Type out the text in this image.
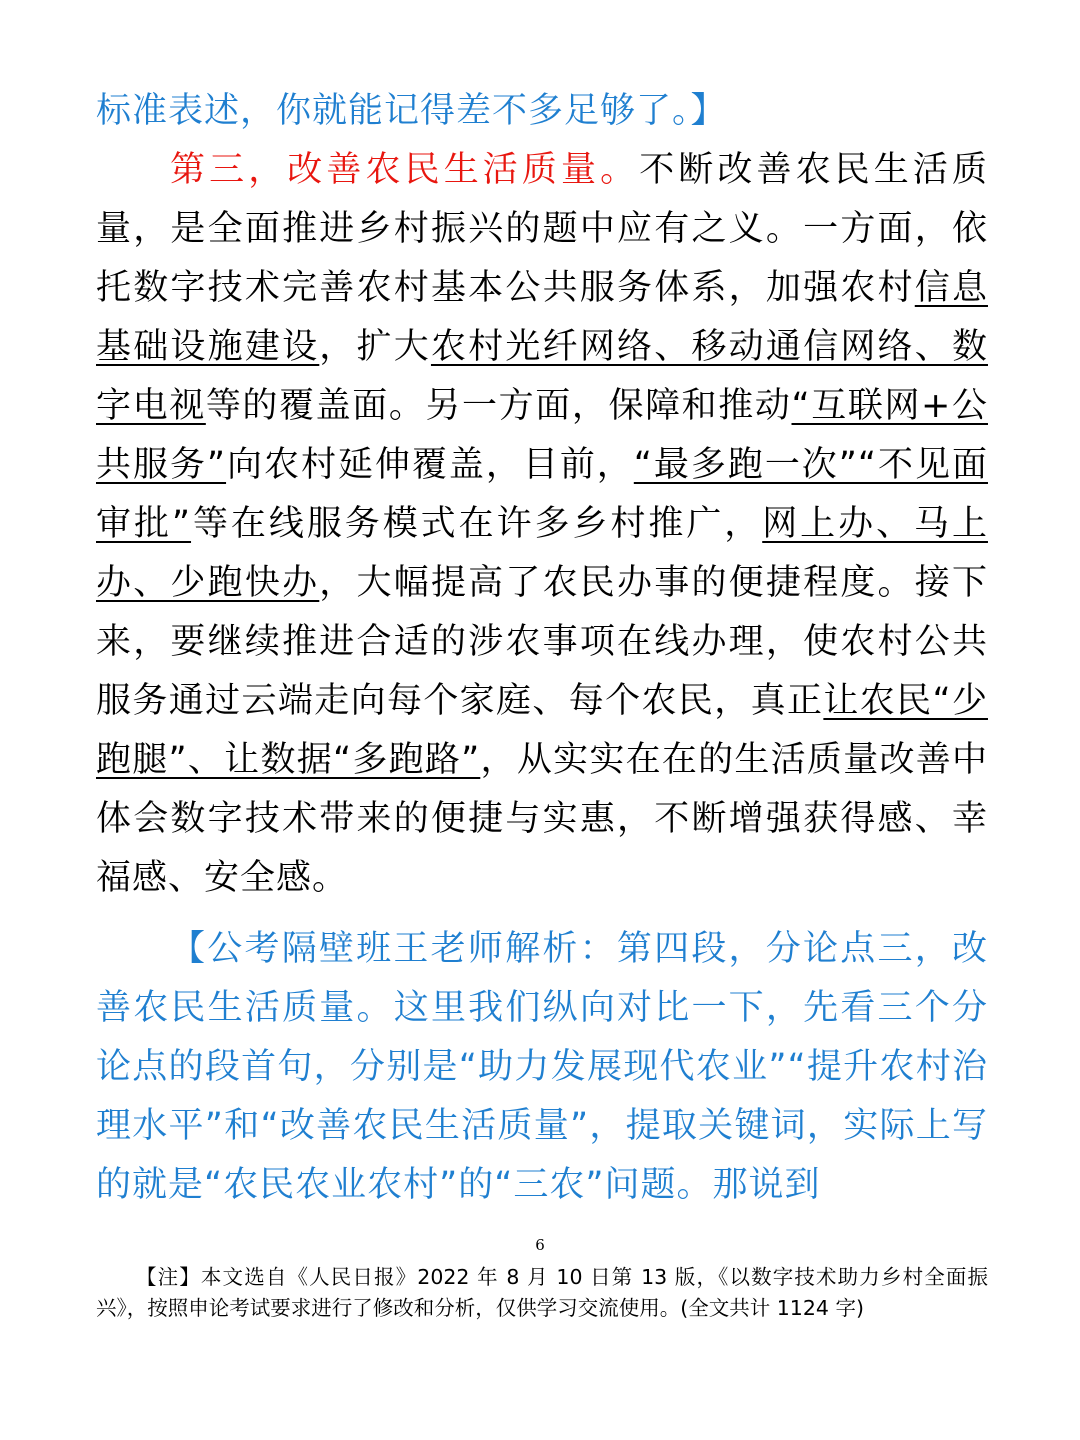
标准表述，你就能记得差不多足够了。】

第三，改善农民生活质量。不断改善农民生活质量，是全面推进乡村振兴的题中应有之义。一方面，依托数字技术完善农村基本公共服务体系，加强农村信息基础设施建设，扩大农村光纤网络、移动通信网络、数字电视等的覆盖面。另一方面，保障和推动“互联网+公共服务”向农村延伸覆盖，目前，“最多跑一次”“不见面审批”等在线服务模式在许多乡村推广，网上办、马上办、少跑快办，大幅提高了农民办事的便捷程度。接下来，要继续推进合适的涉农事项在线办理，使农村公共服务通过云端走向每个家庭、每个农民，真正让农民“少跑腿”、让数据“多跑路”，从实实在在的生活质量改善中体会数字技术带来的便捷与实惠，不断增强获得感、幸福感、安全感。

【公考隔壁班王老师解析：第四段，分论点三，改善农民生活质量。这里我们纵向对比一下，先看三个分论点的段首句，分别是“助力发展现代农业”“提升农村治理水平”和“改善农民生活质量”，提取关键词，实际上写的就是“农民农业农村”的“三农”问题。那说到

6

【注】本文选自《人民日报》2022 年 8 月 10 日第 13 版，《以数字技术助力乡村全面振兴》，按照申论考试要求进行了修改和分析，仅供学习交流使用。(全文共计 1124 字)
